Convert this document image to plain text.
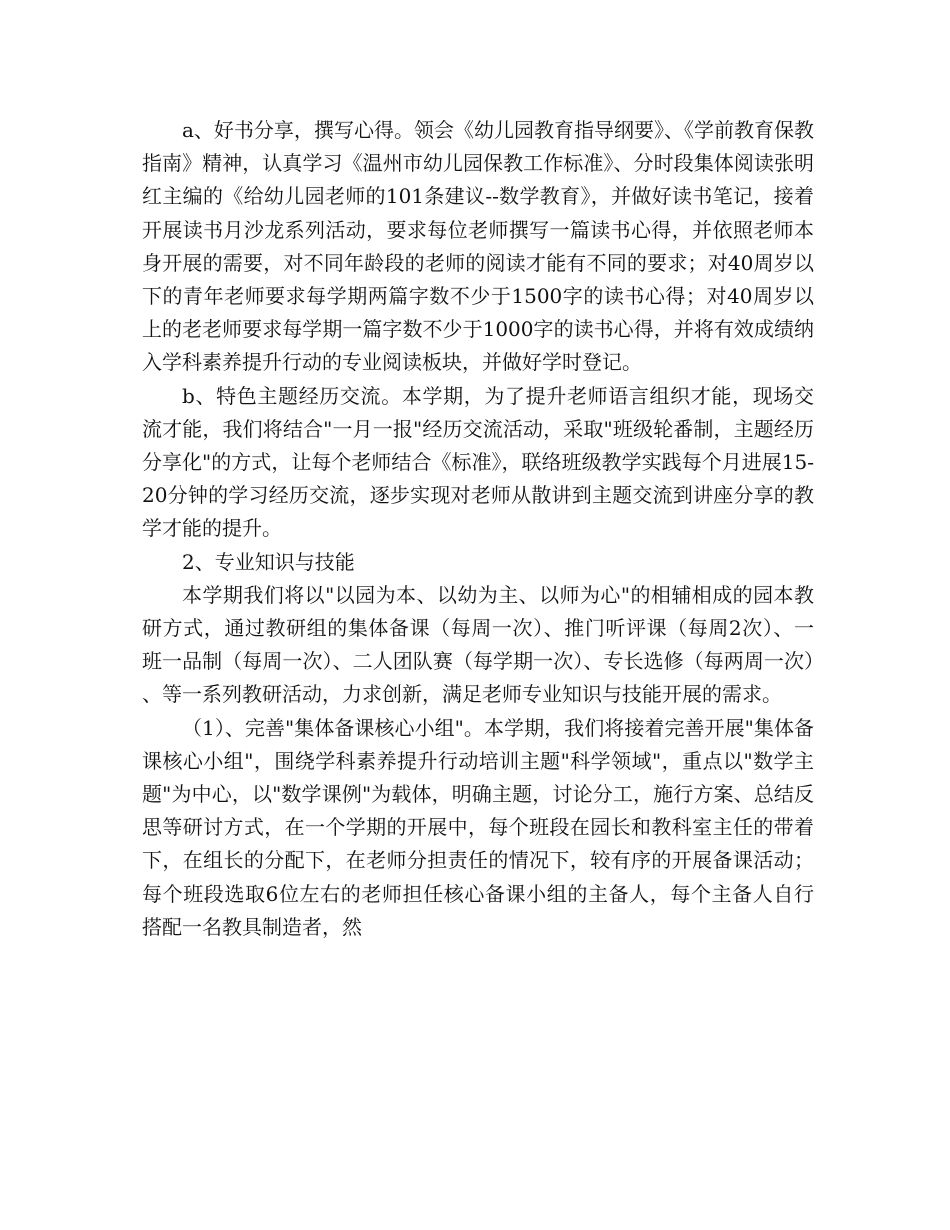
a、好书分享，撰写心得。领会《幼儿园教育指导纲要》、《学前教育保教指南》精神，认真学习《温州市幼儿园保教工作标准》、分时段集体阅读张明红主编的《给幼儿园老师的101条建议--数学教育》，并做好读书笔记，接着开展读书月沙龙系列活动，要求每位老师撰写一篇读书心得，并依照老师本身开展的需要，对不同年龄段的老师的阅读才能有不同的要求；对40周岁以下的青年老师要求每学期两篇字数不少于1500字的读书心得；对40周岁以上的老老师要求每学期一篇字数不少于1000字的读书心得，并将有效成绩纳入学科素养提升行动的专业阅读板块，并做好学时登记。

b、特色主题经历交流。本学期，为了提升老师语言组织才能，现场交流才能，我们将结合"一月一报"经历交流活动，采取"班级轮番制，主题经历分享化"的方式，让每个老师结合《标准》，联络班级教学实践每个月进展15-20分钟的学习经历交流，逐步实现对老师从散讲到主题交流到讲座分享的教学才能的提升。

2、专业知识与技能

本学期我们将以"以园为本、以幼为主、以师为心"的相辅相成的园本教研方式，通过教研组的集体备课（每周一次）、推门听评课（每周2次）、一班一品制（每周一次）、二人团队赛（每学期一次）、专长选修（每两周一次）、等一系列教研活动，力求创新，满足老师专业知识与技能开展的需求。

（1）、完善"集体备课核心小组"。本学期，我们将接着完善开展"集体备课核心小组"，围绕学科素养提升行动培训主题"科学领域"，重点以"数学主题"为中心，以"数学课例"为载体，明确主题，讨论分工，施行方案、总结反思等研讨方式，在一个学期的开展中，每个班段在园长和教科室主任的带着下，在组长的分配下，在老师分担责任的情况下，较有序的开展备课活动；每个班段选取6位左右的老师担任核心备课小组的主备人，每个主备人自行搭配一名教具制造者，然
